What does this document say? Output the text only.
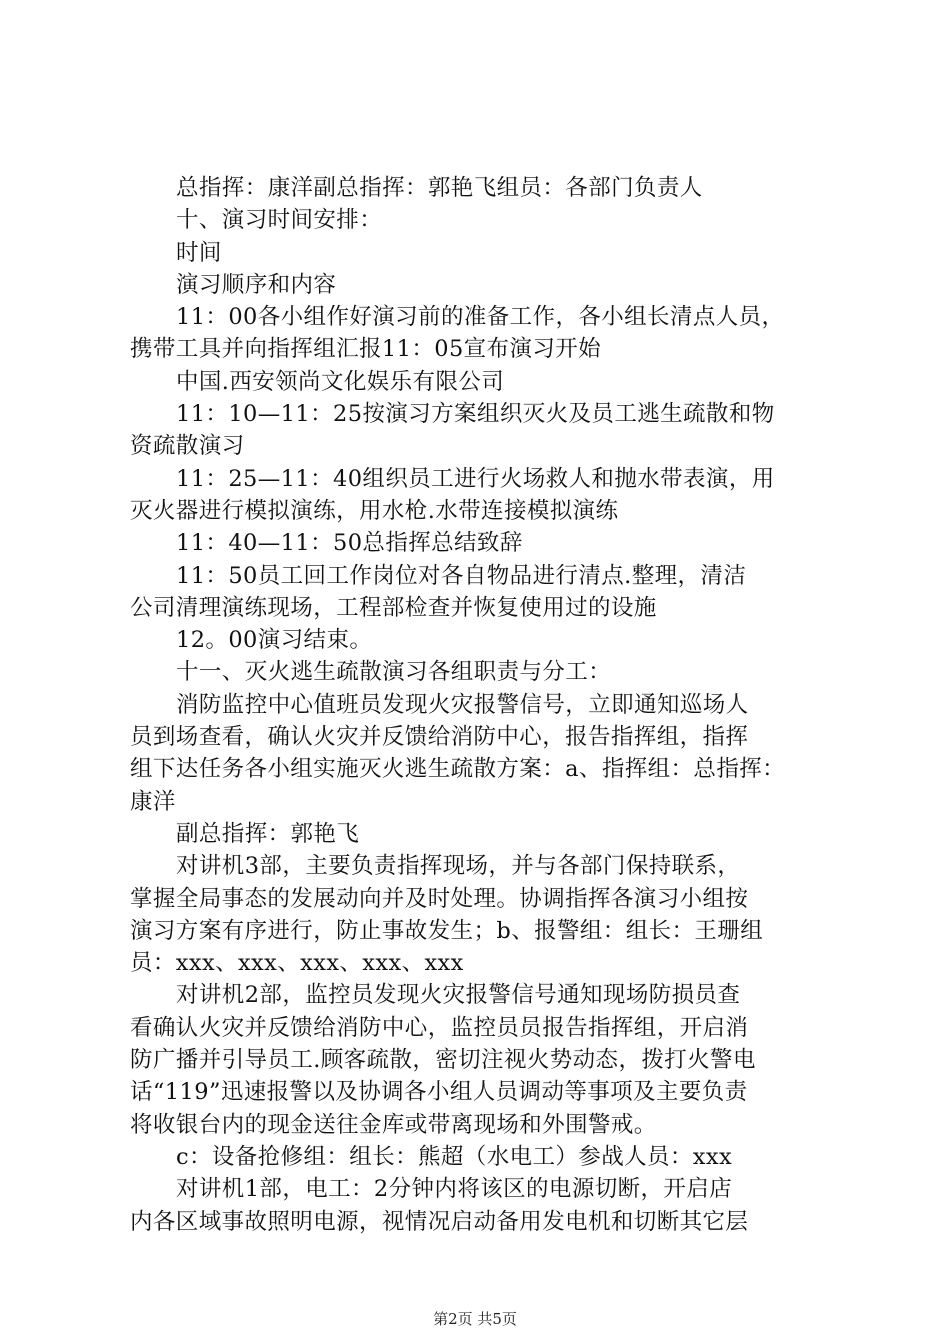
总指挥：康洋副总指挥：郭艳飞组员：各部门负责人

十、演习时间安排：

时间

演习顺序和内容

11：00各小组作好演习前的准备工作，各小组长清点人员，

携带工具并向指挥组汇报11：05宣布演习开始

中国.西安领尚文化娱乐有限公司

11：10—11：25按演习方案组织灭火及员工逃生疏散和物

资疏散演习

11：25—11：40组织员工进行火场救人和抛水带表演，用

灭火器进行模拟演练，用水枪.水带连接模拟演练

11：40—11：50总指挥总结致辞

11：50员工回工作岗位对各自物品进行清点.整理，清洁

公司清理演练现场，工程部检查并恢复使用过的设施

12。00演习结束。

十一、灭火逃生疏散演习各组职责与分工：

消防监控中心值班员发现火灾报警信号，立即通知巡场人

员到场查看，确认火灾并反馈给消防中心，报告指挥组，指挥

组下达任务各小组实施灭火逃生疏散方案：a、指挥组：总指挥：

康洋

副总指挥：郭艳飞

对讲机3部，主要负责指挥现场，并与各部门保持联系，

掌握全局事态的发展动向并及时处理。协调指挥各演习小组按

演习方案有序进行，防止事故发生；b、报警组：组长：王珊组

员：xxx、xxx、xxx、xxx、xxx

对讲机2部，监控员发现火灾报警信号通知现场防损员查

看确认火灾并反馈给消防中心，监控员员报告指挥组，开启消

防广播并引导员工.顾客疏散，密切注视火势动态，拨打火警电

话“119”迅速报警以及协调各小组人员调动等事项及主要负责

将收银台内的现金送往金库或带离现场和外围警戒。

c：设备抢修组：组长：熊超（水电工）参战人员：xxx

对讲机1部，电工：2分钟内将该区的电源切断，开启店

内各区域事故照明电源，视情况启动备用发电机和切断其它层

第2页 共5页
